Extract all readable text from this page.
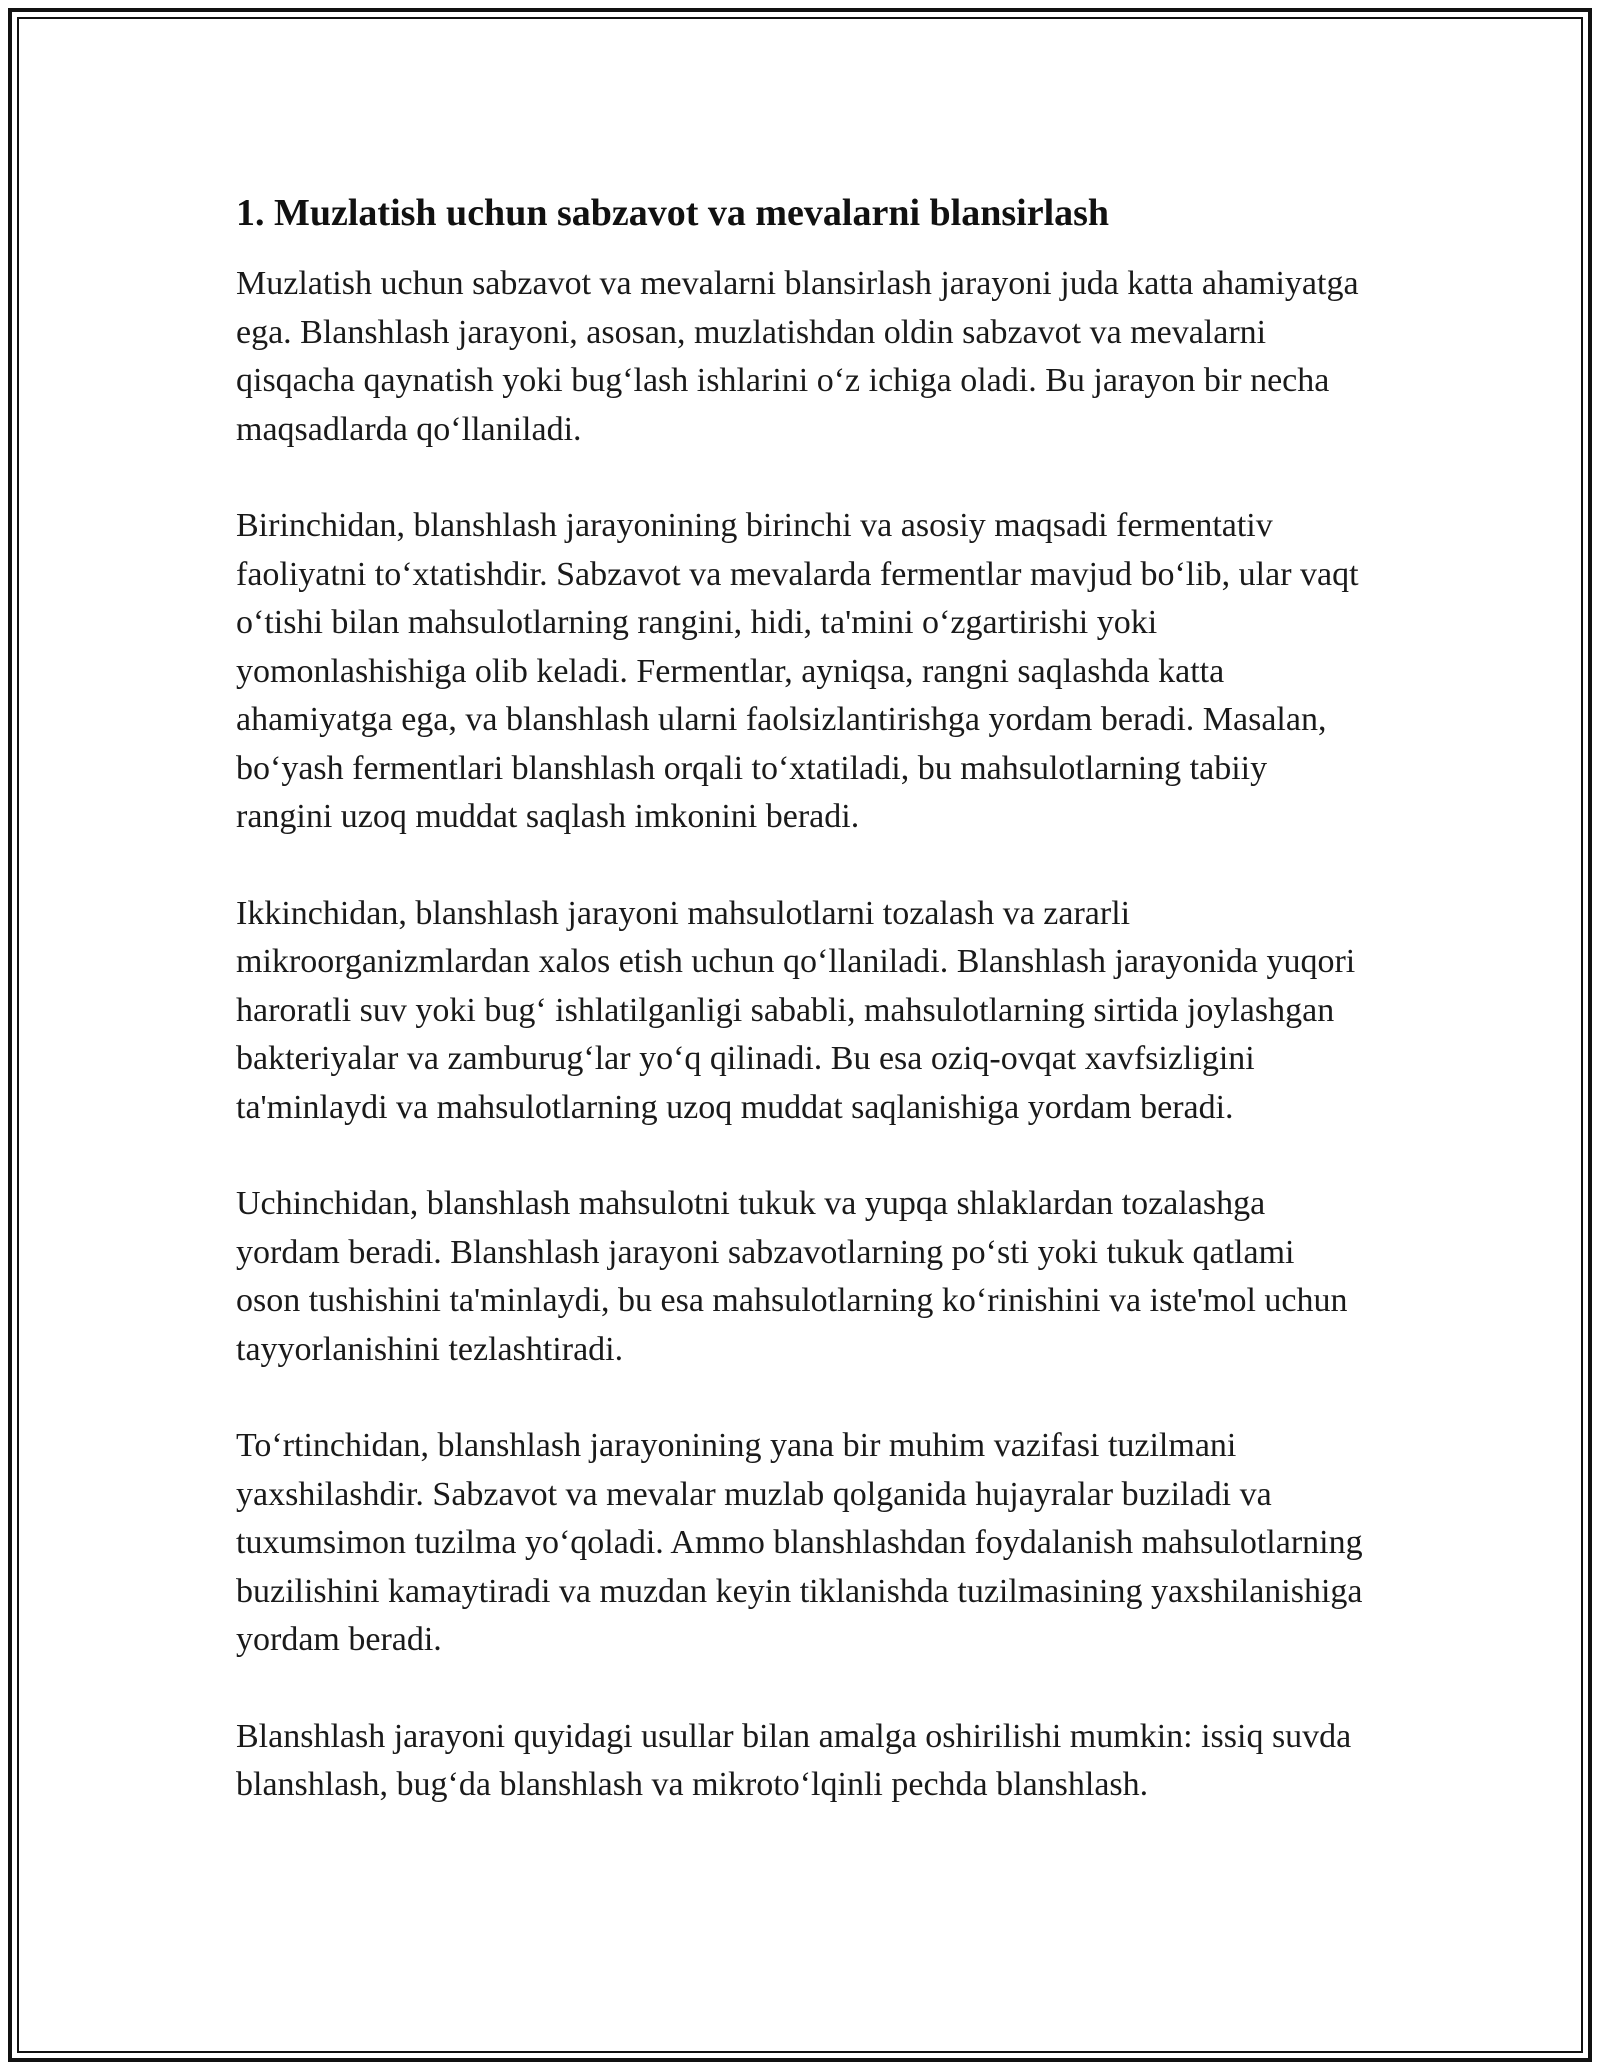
1. Muzlatish uchun sabzavot va mevalarni blansirlash

Muzlatish uchun sabzavot va mevalarni blansirlash jarayoni juda katta ahamiyatga ega. Blanshlash jarayoni, asosan, muzlatishdan oldin sabzavot va mevalarni qisqacha qaynatish yoki bug‘lash ishlarini o‘z ichiga oladi. Bu jarayon bir necha maqsadlarda qo‘llaniladi.

Birinchidan, blanshlash jarayonining birinchi va asosiy maqsadi fermentativ faoliyatni to‘xtatishdir. Sabzavot va mevalarda fermentlar mavjud bo‘lib, ular vaqt o‘tishi bilan mahsulotlarning rangini, hidi, ta'mini o‘zgartirishi yoki yomonlashishiga olib keladi. Fermentlar, ayniqsa, rangni saqlashda katta ahamiyatga ega, va blanshlash ularni faolsizlantirishga yordam beradi. Masalan, bo‘yash fermentlari blanshlash orqali to‘xtatiladi, bu mahsulotlarning tabiiy rangini uzoq muddat saqlash imkonini beradi.

Ikkinchidan, blanshlash jarayoni mahsulotlarni tozalash va zararli mikroorganizmlardan xalos etish uchun qo‘llaniladi. Blanshlash jarayonida yuqori haroratli suv yoki bug‘ ishlatilganligi sababli, mahsulotlarning sirtida joylashgan bakteriyalar va zamburug‘lar yo‘q qilinadi. Bu esa oziq-ovqat xavfsizligini ta'minlaydi va mahsulotlarning uzoq muddat saqlanishiga yordam beradi.

Uchinchidan, blanshlash mahsulotni tukuk va yupqa shlaklardan tozalashga yordam beradi. Blanshlash jarayoni sabzavotlarning po‘sti yoki tukuk qatlami oson tushishini ta'minlaydi, bu esa mahsulotlarning ko‘rinishini va iste'mol uchun tayyorlanishini tezlashtiradi.

To‘rtinchidan, blanshlash jarayonining yana bir muhim vazifasi tuzilmani yaxshilashdir. Sabzavot va mevalar muzlab qolganida hujayralar buziladi va tuxumsimon tuzilma yo‘qoladi. Ammo blanshlashdan foydalanish mahsulotlarning buzilishini kamaytiradi va muzdan keyin tiklanishda tuzilmasining yaxshilanishiga yordam beradi.

Blanshlash jarayoni quyidagi usullar bilan amalga oshirilishi mumkin: issiq suvda blanshlash, bug‘da blanshlash va mikroto‘lqinli pechda blanshlash.
